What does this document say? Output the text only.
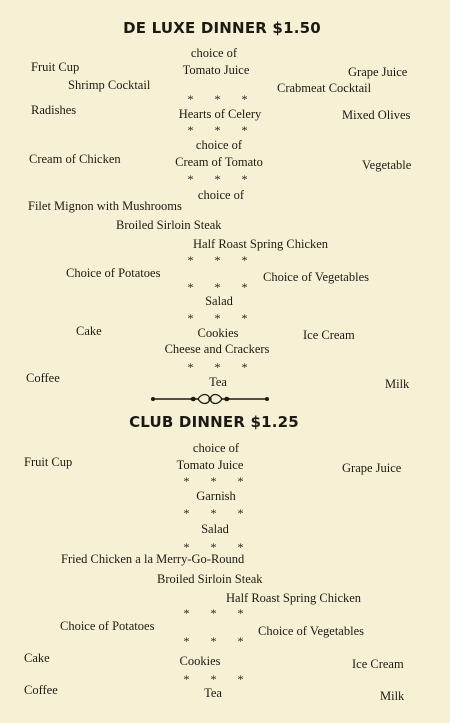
DE LUXE DINNER $1.50
choice of
Fruit Cup	Tomato Juice	Grape Juice
Shrimp Cocktail	Crabmeat Cocktail
* * *
Radishes	Hearts of Celery	Mixed Olives
* * *
choice of
Cream of Chicken	Cream of Tomato	Vegetable
* * *
choice of
Filet Mignon with Mushrooms
Broiled Sirloin Steak
Half Roast Spring Chicken
* * *
Choice of Potatoes	Choice of Vegetables
* * *
Salad
* * *
Cake	Cookies	Ice Cream
Cheese and Crackers
* * *
Coffee	Tea	Milk
CLUB DINNER $1.25
choice of
Fruit Cup	Tomato Juice	Grape Juice
* * *
Garnish
* * *
Salad
* * *
Fried Chicken a la Merry-Go-Round
Broiled Sirloin Steak
Half Roast Spring Chicken
* * *
Choice of Potatoes	Choice of Vegetables
* * *
Cake	Cookies	Ice Cream
* * *
Coffee	Tea	Milk
